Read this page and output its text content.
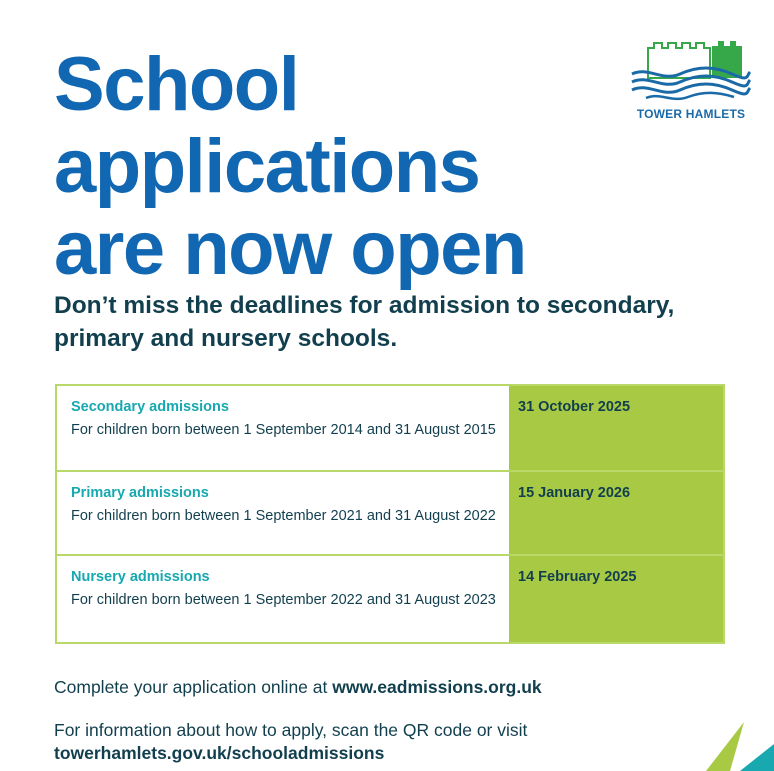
School
applications
are now open
TOWER HAMLETS

Don’t miss the deadlines for admission to secondary, primary and nursery schools.

Secondary admissions
For children born between 1 September 2014 and 31 August 2015
31 October 2025
Primary admissions
For children born between 1 September 2021 and 31 August 2022
15 January 2026
Nursery admissions
For children born between 1 September 2022 and 31 August 2023
14 February 2025

Complete your application online at www.eadmissions.org.uk

For information about how to apply, scan the QR code or visit
towerhamlets.gov.uk/schooladmissions
